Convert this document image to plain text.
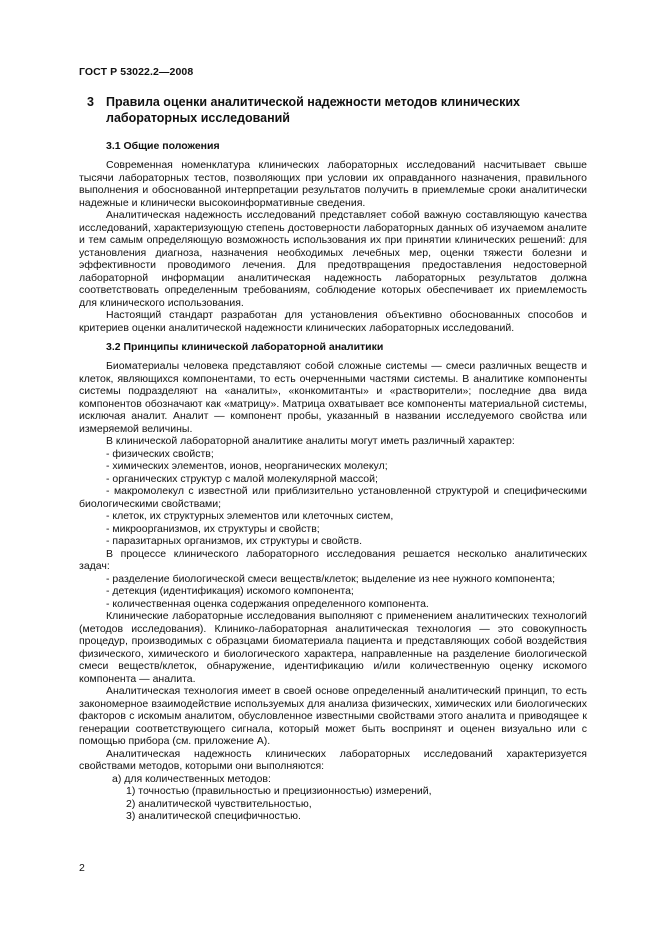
ГОСТ Р 53022.2—2008
3 Правила оценки аналитической надежности методов клинических лабораторных исследований
3.1 Общие положения

Современная номенклатура клинических лабораторных исследований насчитывает свыше тысячи лабораторных тестов, позволяющих при условии их оправданного назначения, правильного выполнения и обоснованной интерпретации результатов получить в приемлемые сроки аналитически надежные и клинически высокоинформативные сведения.

Аналитическая надежность исследований представляет собой важную составляющую качества исследований, характеризующую степень достоверности лабораторных данных об изучаемом аналите и тем самым определяющую возможность использования их при принятии клинических решений: для установления диагноза, назначения необходимых лечебных мер, оценки тяжести болезни и эффективности проводимого лечения. Для предотвращения предоставления недостоверной лабораторной информации аналитическая надежность лабораторных результатов должна соответствовать определенным требованиям, соблюдение которых обеспечивает их приемлемость для клинического использования.

Настоящий стандарт разработан для установления объективно обоснованных способов и критериев оценки аналитической надежности клинических лабораторных исследований.

3.2 Принципы клинической лабораторной аналитики

Биоматериалы человека представляют собой сложные системы — смеси различных веществ и клеток, являющихся компонентами, то есть очерченными частями системы. В аналитике компоненты системы подразделяют на «аналиты», «конкомитанты» и «растворители»; последние два вида компонентов обозначают как «матрицу». Матрица охватывает все компоненты материальной системы, исключая аналит. Аналит — компонент пробы, указанный в названии исследуемого свойства или измеряемой величины.

В клинической лабораторной аналитике аналиты могут иметь различный характер:

- физических свойств;

- химических элементов, ионов, неорганических молекул;

- органических структур с малой молекулярной массой;

- макромолекул с известной или приблизительно установленной структурой и специфическими биологическими свойствами;

- клеток, их структурных элементов или клеточных систем,

- микроорганизмов, их структуры и свойств;

- паразитарных организмов, их структуры и свойств.

В процессе клинического лабораторного исследования решается несколько аналитических задач:

- разделение биологической смеси веществ/клеток; выделение из нее нужного компонента;

- детекция (идентификация) искомого компонента;

- количественная оценка содержания определенного компонента.

Клинические лабораторные исследования выполняют с применением аналитических технологий (методов исследования). Клинико-лабораторная аналитическая технология — это совокупность процедур, производимых с образцами биоматериала пациента и представляющих собой воздействия физического, химического и биологического характера, направленные на разделение биологической смеси веществ/клеток, обнаружение, идентификацию и/или количественную оценку искомого компонента — аналита.

Аналитическая технология имеет в своей основе определенный аналитический принцип, то есть закономерное взаимодействие используемых для анализа физических, химических или биологических факторов с искомым аналитом, обусловленное известными свойствами этого аналита и приводящее к генерации соответствующего сигнала, который может быть воспринят и оценен визуально или с помощью прибора (см. приложение А).

Аналитическая надежность клинических лабораторных исследований характеризуется свойствами методов, которыми они выполняются:

а) для количественных методов:

1) точностью (правильностью и прецизионностью) измерений,

2) аналитической чувствительностью,

3) аналитической специфичностью.

2
